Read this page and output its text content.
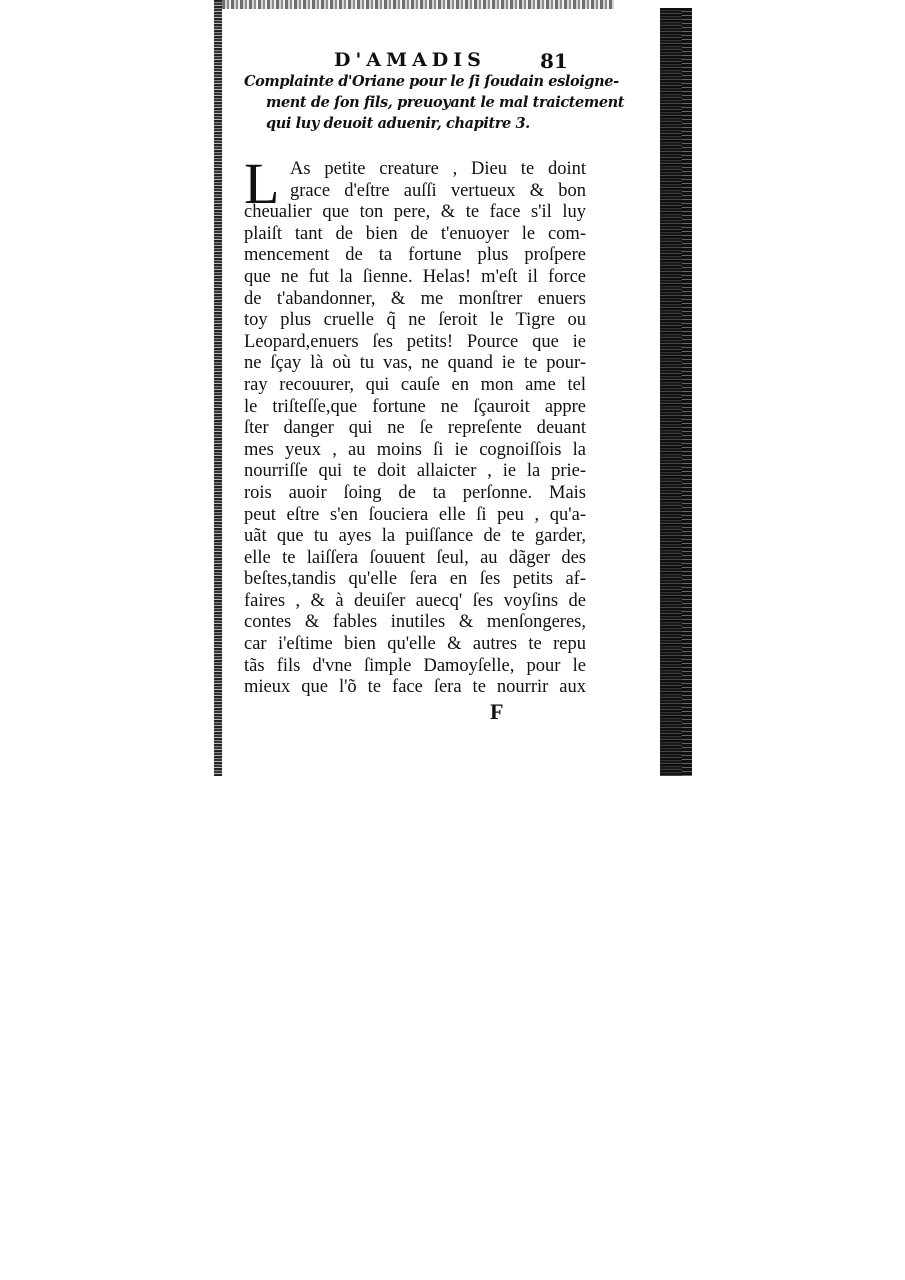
D'AMADIS	81
Complainte d'Oriane pour le ſi ſoudain esloigne-
ment de ſon fils, preuoyant le mal traictement
qui luy deuoit aduenir, chapitre 3.
L As petite creature , Dieu te doint
grace d'eſtre auſſi vertueux & bon
cheualier que ton pere, & te face s'il luy
plaiſt tant de bien de t'enuoyer le com-
mencement de ta fortune plus proſpere
que ne fut la ſienne. Helas! m'eſt il force
de t'abandonner, & me monſtrer enuers
toy plus cruelle q̃ ne ſeroit le Tigre ou
Leopard,enuers ſes petits! Pource que ie
ne ſçay là où tu vas, ne quand ie te pour-
ray recouurer, qui cauſe en mon ame tel
le triſteſſe,que fortune ne ſçauroit appre
ſter danger qui ne ſe repreſente deuant
mes yeux , au moins ſi ie cognoiſſois la
nourriſſe qui te doit allaicter , ie la prie-
rois auoir ſoing de ta perſonne. Mais
peut eſtre s'en ſouciera elle ſi peu , qu'a-
uãt que tu ayes la puiſſance de te garder,
elle te laiſſera ſouuent ſeul, au dãger des
beſtes,tandis qu'elle ſera en ſes petits af-
faires , & à deuiſer auecq' ſes voyſins de
contes & fables inutiles & menſongeres,
car i'eſtime bien qu'elle & autres te repu
tãs fils d'vne ſimple Damoyſelle, pour le
mieux que l'õ te face ſera te nourrir aux
F
